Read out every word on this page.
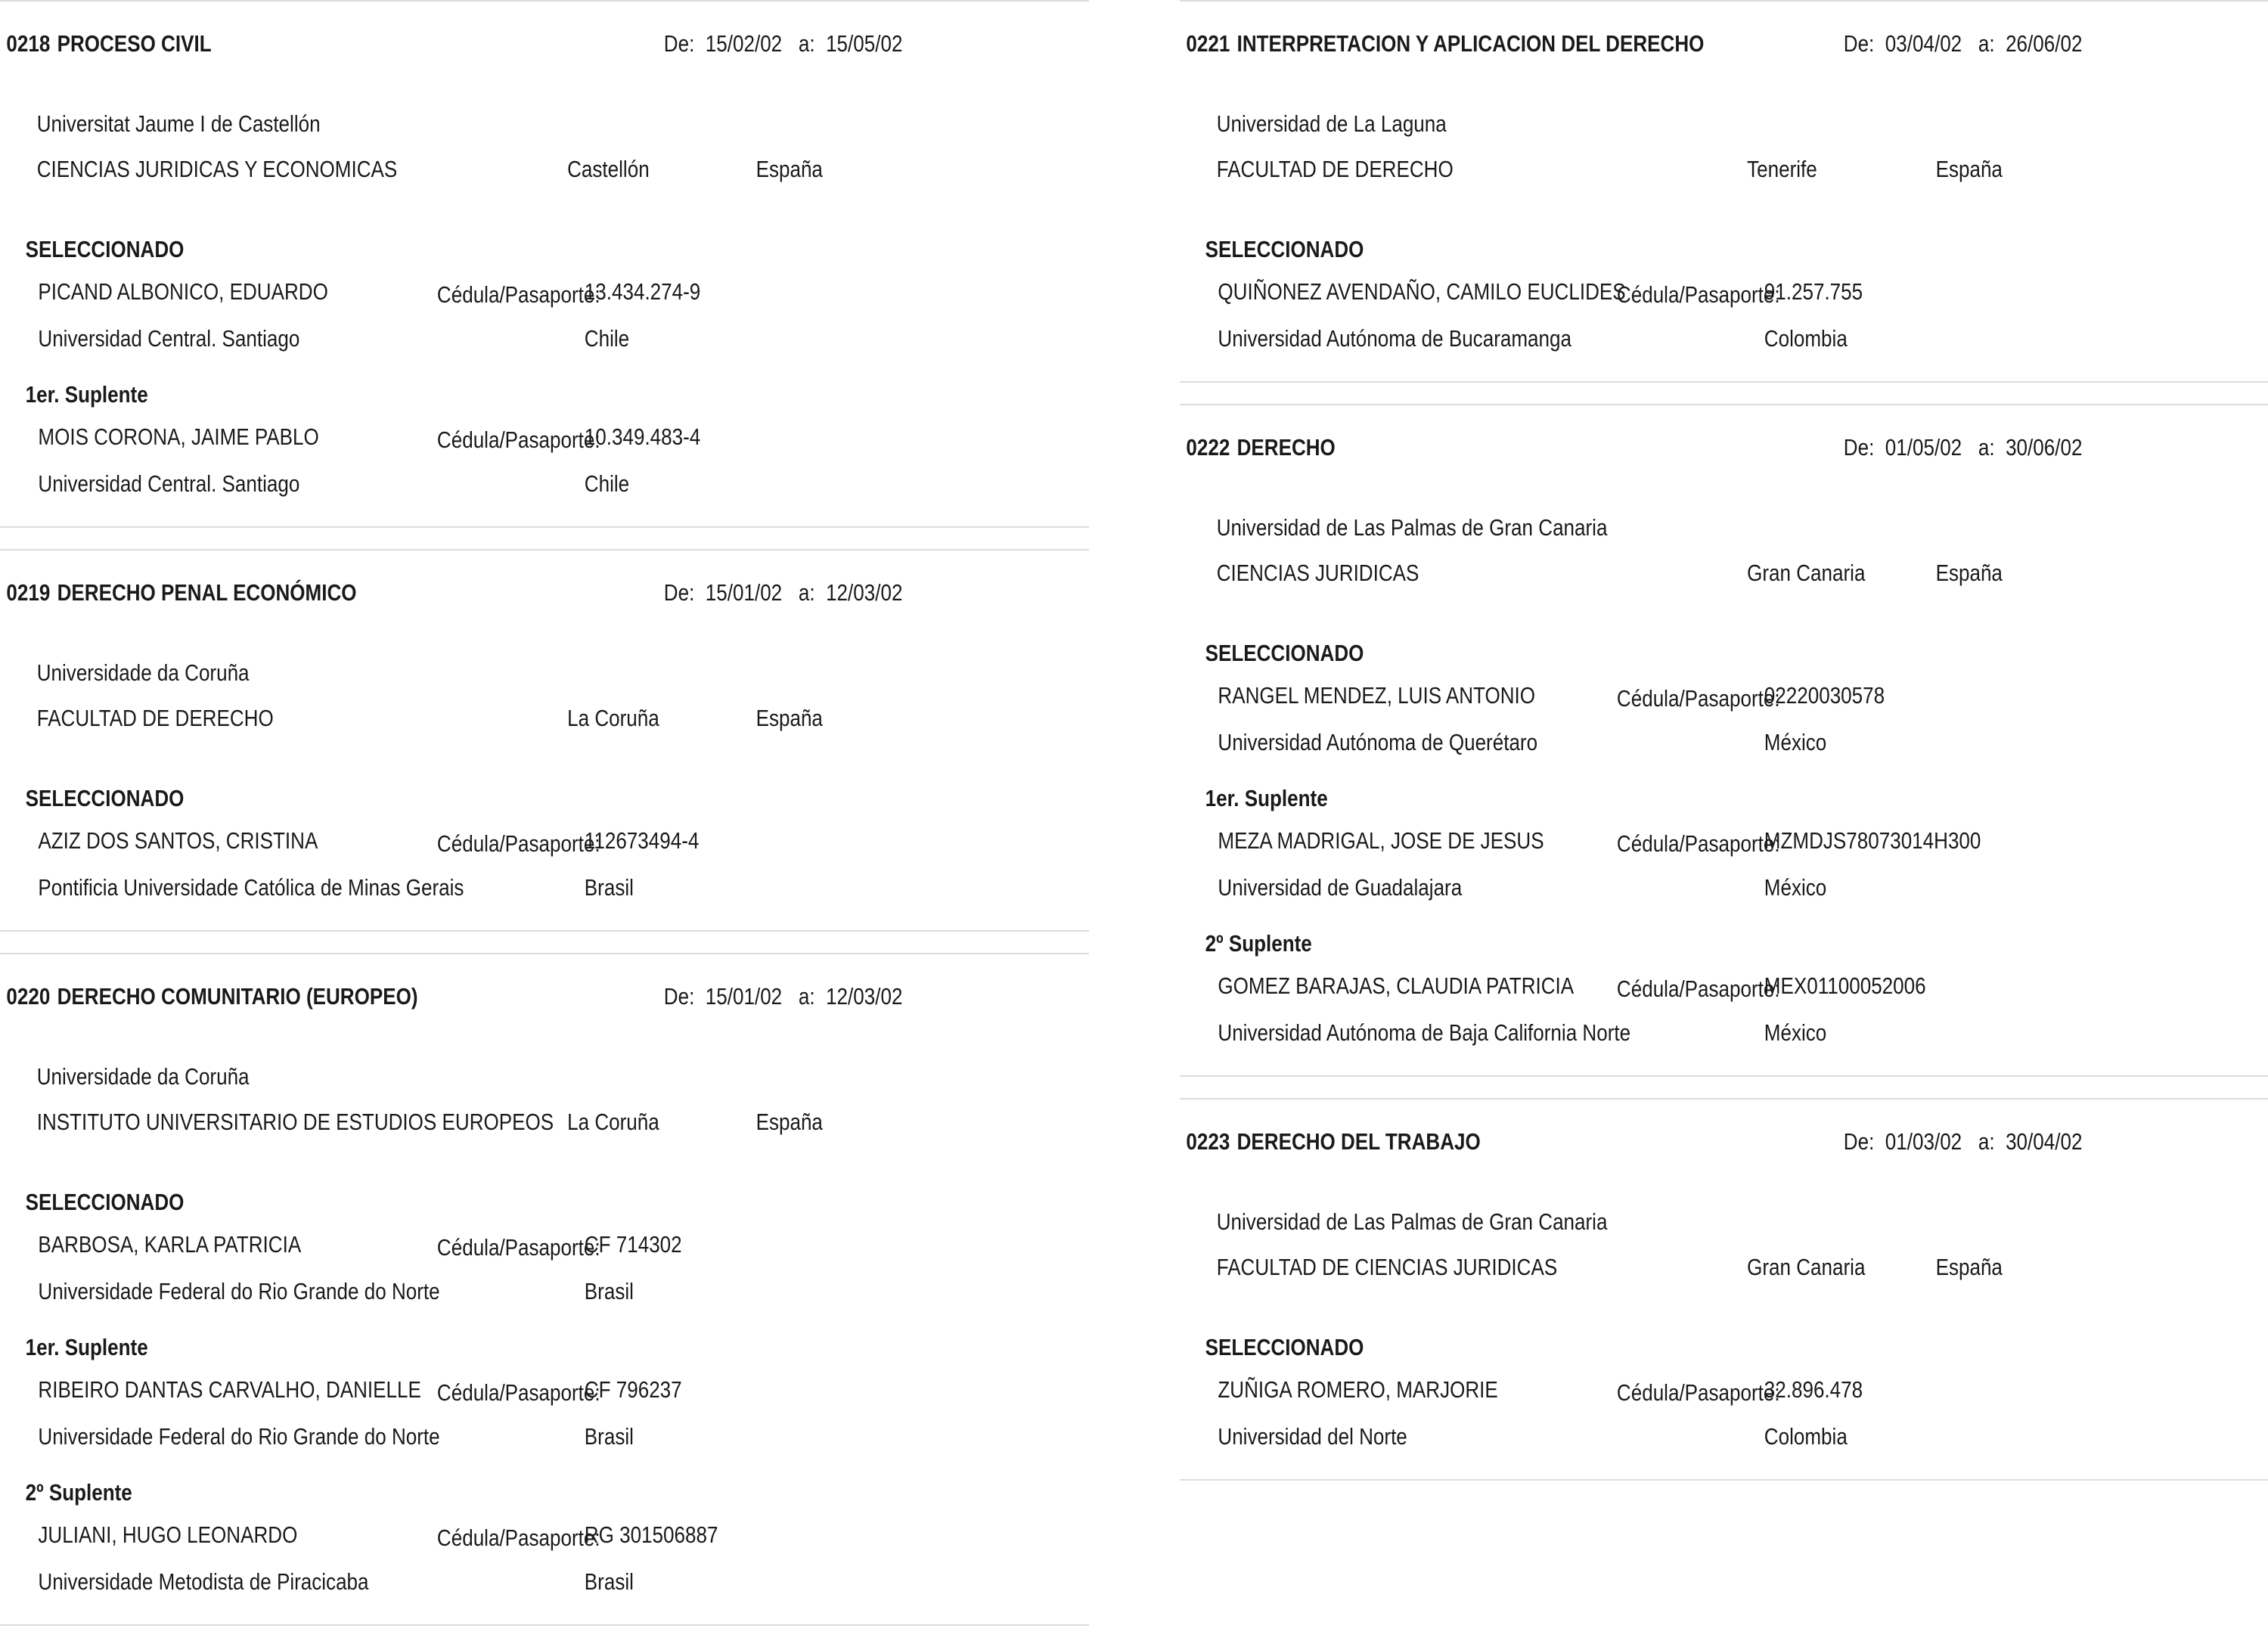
0218 PROCESO CIVIL	De: 15/02/02 a: 15/05/02
Universitat Jaume I de Castellón
CIENCIAS JURIDICAS Y ECONOMICAS	Castellón	España
SELECCIONADO
PICAND ALBONICO, EDUARDO	Cédula/Pasaporte:
13.434.274-9
Universidad Central. Santiago	Chile
1er. Suplente
MOIS CORONA, JAIME PABLO	Cédula/Pasaporte:
10.349.483-4
Universidad Central. Santiago	Chile
0219 DERECHO PENAL ECONÓMICO	De: 15/01/02 a: 12/03/02
Universidade da Coruña
FACULTAD DE DERECHO	La Coruña	España
SELECCIONADO
AZIZ DOS SANTOS, CRISTINA	Cédula/Pasaporte:
112673494-4
Pontificia Universidade Católica de Minas Gerais	Brasil
0220 DERECHO COMUNITARIO (EUROPEO)	De: 15/01/02 a: 12/03/02
Universidade da Coruña
INSTITUTO UNIVERSITARIO DE ESTUDIOS EUROPEOS La Coruña	España
SELECCIONADO
BARBOSA, KARLA PATRICIA	Cédula/Pasaporte:
CF 714302
Universidade Federal do Rio Grande do Norte	Brasil
1er. Suplente
RIBEIRO DANTAS CARVALHO, DANIELLE Cédula/Pasaporte:
CF 796237
Universidade Federal do Rio Grande do Norte	Brasil
2º Suplente
JULIANI, HUGO LEONARDO	Cédula/Pasaporte:
RG 301506887
Universidade Metodista de Piracicaba	Brasil
0221 INTERPRETACION Y APLICACION DEL DERECHO	De: 03/04/02 a: 26/06/02
Universidad de La Laguna
FACULTAD DE DERECHO	Tenerife	España
SELECCIONADO
QUIÑONEZ AVENDAÑO, CAMILO EUCLIDES
Cédula/Pasaporte:
91.257.755
Universidad Autónoma de Bucaramanga	Colombia
0222 DERECHO	De: 01/05/02 a: 30/06/02
Universidad de Las Palmas de Gran Canaria
CIENCIAS JURIDICAS	Gran Canaria	España
SELECCIONADO
RANGEL MENDEZ, LUIS ANTONIO	Cédula/Pasaporte:
02220030578
Universidad Autónoma de Querétaro	México
1er. Suplente
MEZA MADRIGAL, JOSE DE JESUS	Cédula/Pasaporte:
MZMDJS78073014H300
Universidad de Guadalajara	México
2º Suplente
GOMEZ BARAJAS, CLAUDIA PATRICIA Cédula/Pasaporte:
MEX01100052006
Universidad Autónoma de Baja California Norte	México
0223 DERECHO DEL TRABAJO	De: 01/03/02 a: 30/04/02
Universidad de Las Palmas de Gran Canaria
FACULTAD DE CIENCIAS JURIDICAS	Gran Canaria	España
SELECCIONADO
ZUÑIGA ROMERO, MARJORIE	Cédula/Pasaporte:
32.896.478
Universidad del Norte	Colombia
